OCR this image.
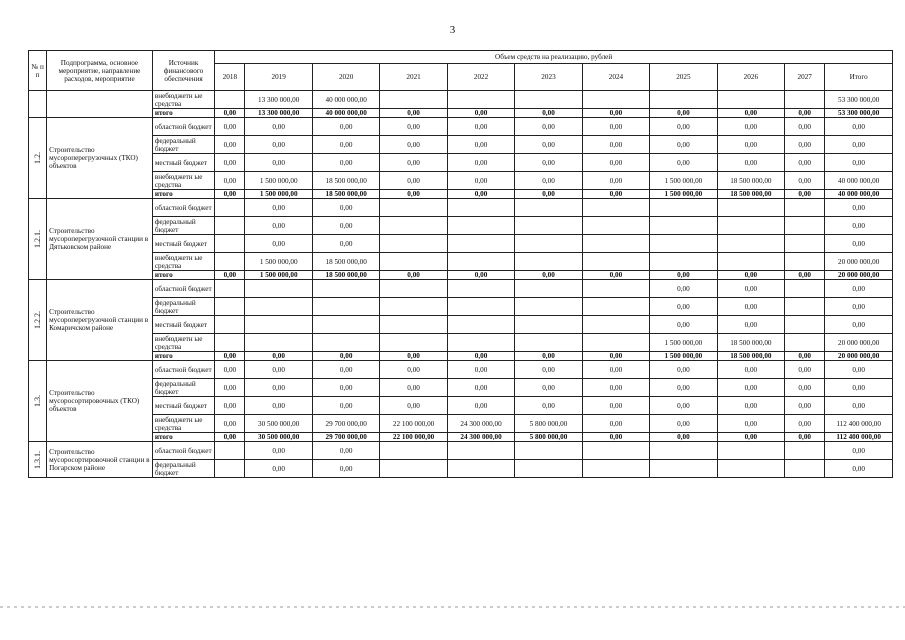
3
№ п п	Подпрограмма, основное мероприятие, направление расходов, мероприятие	Источник финансового обеспечения	Объем средств на реализацию, рублей										
			2018	2019	2020	2021	2022	2023	2024	2025	2026	2027	Итого

		внебюджетн ые средства		13 300 000,00	40 000 000,00								53 300 000,00
		итого	0,00	13 300 000,00	40 000 000,00	0,00	0,00	0,00	0,00	0,00	0,00	0,00	53 300 000,00

1.2.	Строительство мусороперегрузочных (ТКО) объектов	областной бюджет	0,00	0,00	0,00	0,00	0,00	0,00	0,00	0,00	0,00	0,00	0,00
		федеральный бюджет	0,00	0,00	0,00	0,00	0,00	0,00	0,00	0,00	0,00	0,00	0,00
		местный бюджет	0,00	0,00	0,00	0,00	0,00	0,00	0,00	0,00	0,00	0,00	0,00
		внебюджетн ые средства	0,00	1 500 000,00	18 500 000,00	0,00	0,00	0,00	0,00	1 500 000,00	18 500 000,00	0,00	40 000 000,00
		итого	0,00	1 500 000,00	18 500 000,00	0,00	0,00	0,00	0,00	1 500 000,00	18 500 000,00	0,00	40 000 000,00

1.2.1.	Строительство мусороперегрузочной станции в Дятьковском районе	областной бюджет		0,00	0,00								0,00
		федеральный бюджет		0,00	0,00								0,00
		местный бюджет		0,00	0,00								0,00
		внебюджетн ые средства		1 500 000,00	18 500 000,00								20 000 000,00
		итого	0,00	1 500 000,00	18 500 000,00	0,00	0,00	0,00	0,00	0,00	0,00	0,00	20 000 000,00

1.2.2.	Строительство мусороперегрузочной станции в Комаричском районе	областной бюджет								0,00	0,00		0,00
		федеральный бюджет								0,00	0,00		0,00
		местный бюджет								0,00	0,00		0,00
		внебюджетн ые средства								1 500 000,00	18 500 000,00		20 000 000,00
		итого	0,00	0,00	0,00	0,00	0,00	0,00	0,00	1 500 000,00	18 500 000,00	0,00	20 000 000,00

1.3.	Строительство мусоросортировочных (ТКО) объектов	областной бюджет	0,00	0,00	0,00	0,00	0,00	0,00	0,00	0,00	0,00	0,00	0,00
		федеральный бюджет	0,00	0,00	0,00	0,00	0,00	0,00	0,00	0,00	0,00	0,00	0,00
		местный бюджет	0,00	0,00	0,00	0,00	0,00	0,00	0,00	0,00	0,00	0,00	0,00
		внебюджетн ые средства	0,00	30 500 000,00	29 700 000,00	22 100 000,00	24 300 000,00	5 800 000,00	0,00	0,00	0,00	0,00	112 400 000,00
		итого	0,00	30 500 000,00	29 700 000,00	22 100 000,00	24 300 000,00	5 800 000,00	0,00	0,00	0,00	0,00	112 400 000,00

1.3.1.	Строительство мусоросортировочной станции в Погарском районе	областной бюджет		0,00	0,00								0,00
		федеральный бюджет		0,00	0,00								0,00
